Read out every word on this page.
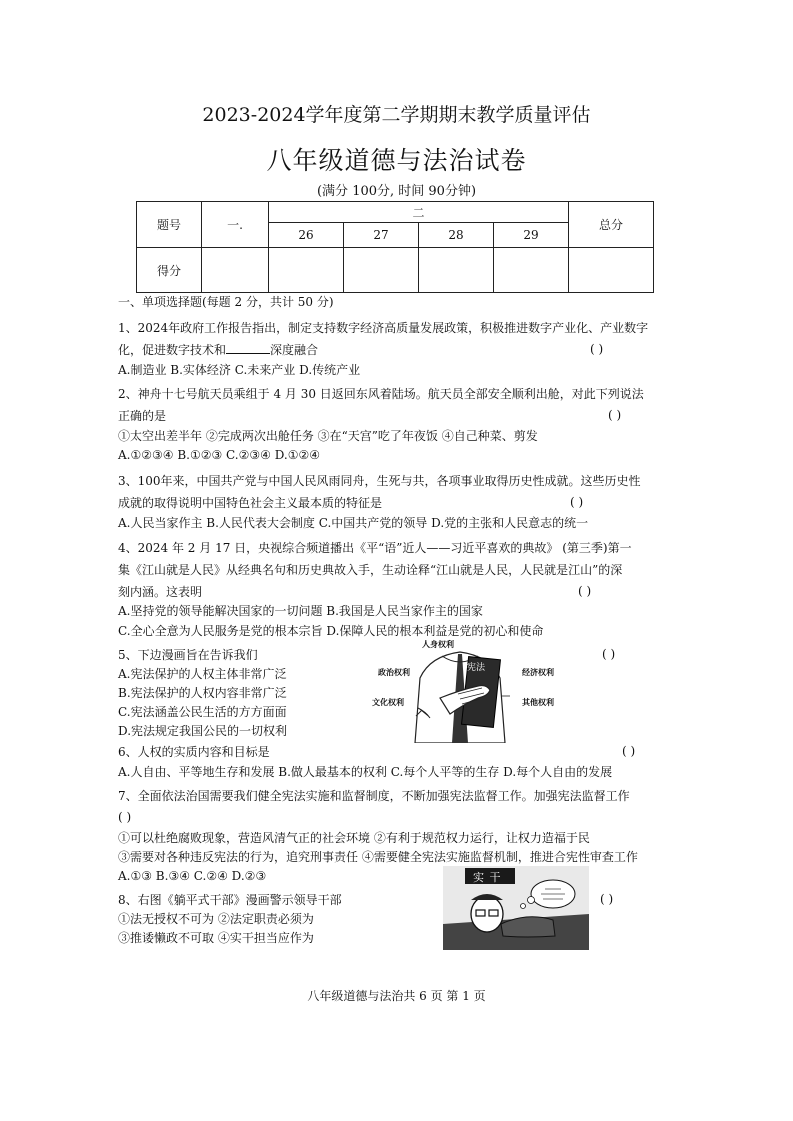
2023-2024学年度第二学期期末教学质量评估
八年级道德与法治试卷
(满分 100分, 时间 90分钟)
题号	一.	二				总分
		26	27	28	29	
得分						
一、单项选择题(每题 2 分，共计 50 分)
1、2024年政府工作报告指出，制定支持数字经济高质量发展政策，积极推进数字产业化、产业数字
化，促进数字技术和	深度融合	( )
A.制造业 B.实体经济 C.未来产业 D.传统产业
2、神舟十七号航天员乘组于 4 月 30 日返回东风着陆场。航天员全部安全顺利出舱，对此下列说法
正确的是	( )
①太空出差半年 ②完成两次出舱任务 ③在“天宫”吃了年夜饭 ④自己种菜、剪发
A.①②③④ B.①②③ C.②③④ D.①②④
3、100年来，中国共产党与中国人民风雨同舟，生死与共，各项事业取得历史性成就。这些历史性
成就的取得说明中国特色社会主义最本质的特征是	( )
A.人民当家作主 B.人民代表大会制度 C.中国共产党的领导 D.党的主张和人民意志的统一
4、2024 年 2 月 17 日，央视综合频道播出《平“语”近人——习近平喜欢的典故》 (第三季)第一
集《江山就是人民》从经典名句和历史典故入手，生动诠释“江山就是人民，人民就是江山”的深
刻内涵。这表明	( )
A.坚持党的领导能解决国家的一切问题 B.我国是人民当家作主的国家
C.全心全意为人民服务是党的根本宗旨 D.保障人民的根本利益是党的初心和使命
5、下边漫画旨在告诉我们	( )
A.宪法保护的人权主体非常广泛
B.宪法保护的人权内容非常广泛
C.宪法涵盖公民生活的方方面面
D.宪法规定我国公民的一切权利
宪法
人身权利
政治权利	经济权利
文化权利	其他权利
6、人权的实质内容和目标是	( )
A.人自由、平等地生存和发展 B.做人最基本的权利 C.每个人平等的生存 D.每个人自由的发展
7、全面依法治国需要我们健全宪法实施和监督制度，不断加强宪法监督工作。加强宪法监督工作
( )
①可以杜绝腐败现象，营造风清气正的社会环境 ②有利于规范权力运行，让权力造福于民
③需要对各种违反宪法的行为，追究刑事责任 ④需要健全宪法实施监督机制，推进合宪性审查工作
A.①③ B.③④ C.②④ D.②③
8、右图《躺平式干部》漫画警示领导干部	( )
①法无授权不可为 ②法定职责必须为
③推诿懒政不可取 ④实干担当应作为
实 干
八年级道德与法治共 6 页 第 1 页
